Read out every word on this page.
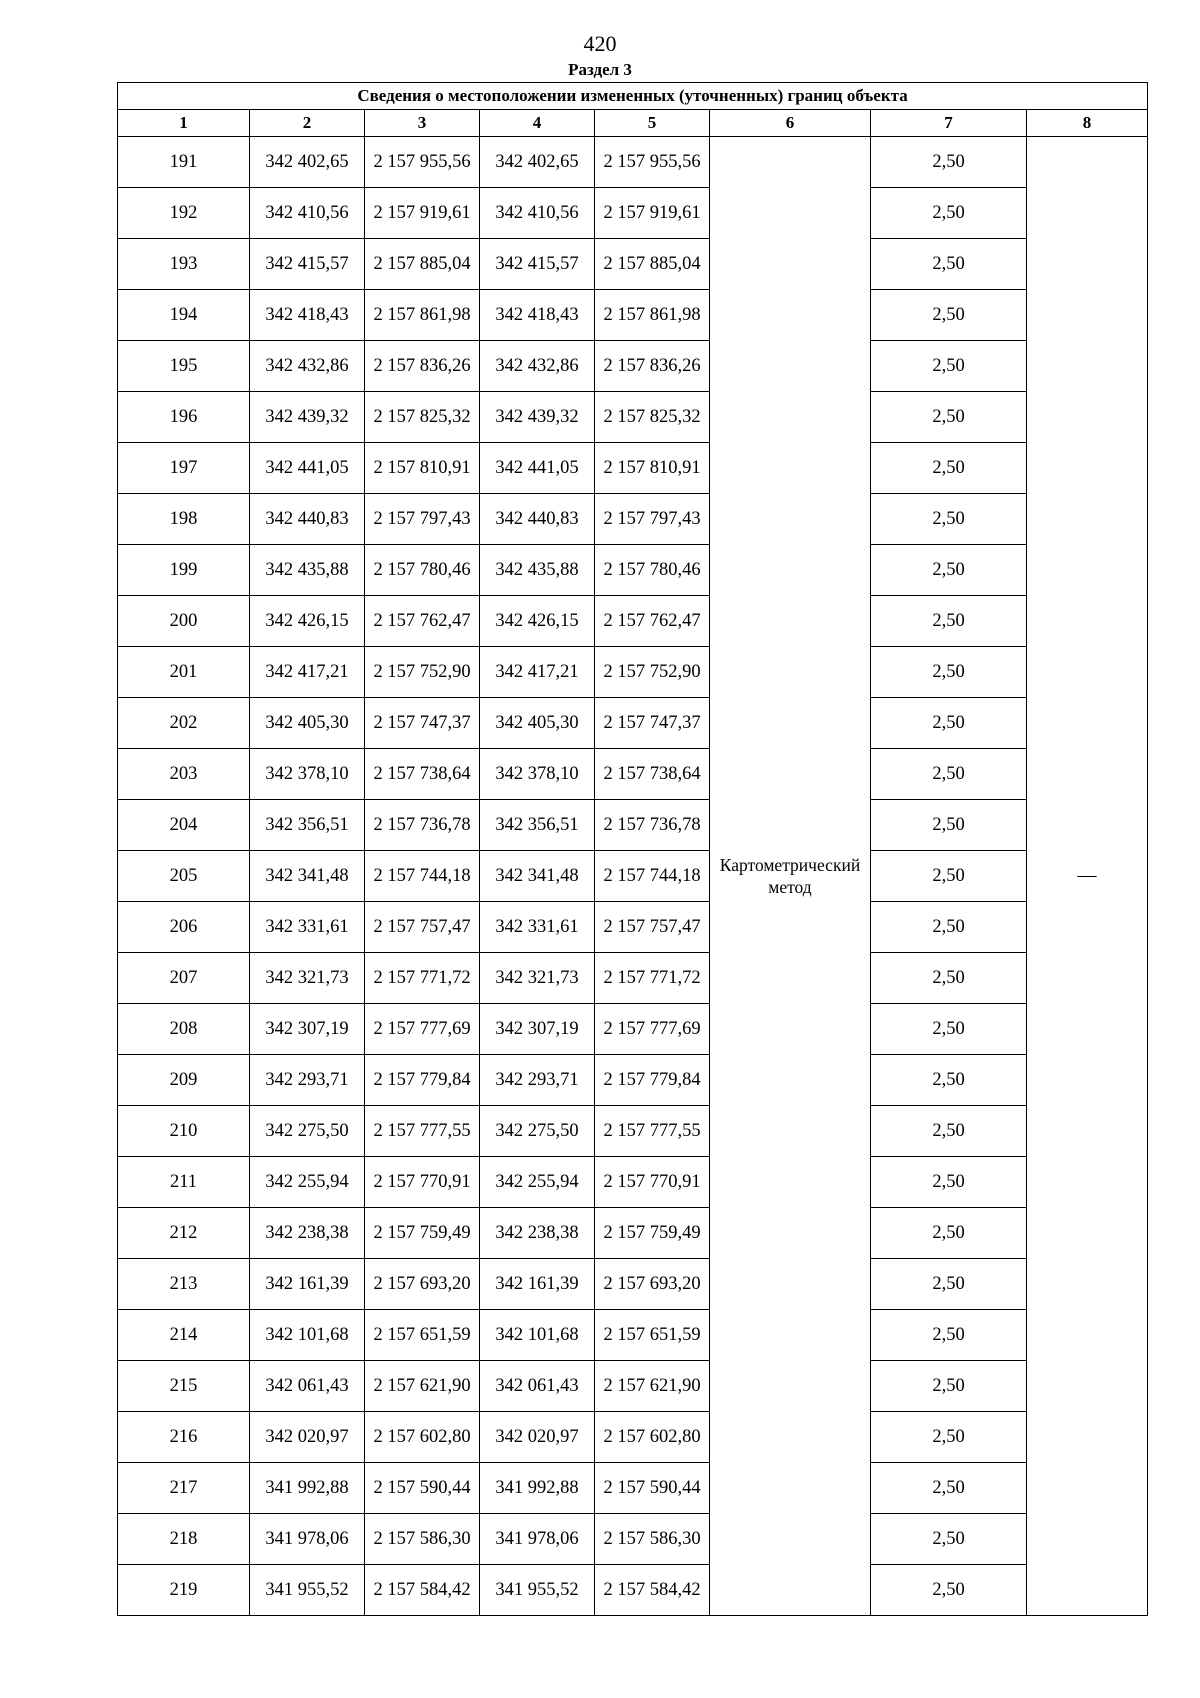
420
Раздел 3
Сведения о местоположении измененных (уточненных) границ объекта							
1	2	3	4	5	6	7	8
191	342 402,65	2 157 955,56	342 402,65	2 157 955,56	Картометрический метод	2,50	—
192	342 410,56	2 157 919,61	342 410,56	2 157 919,61		2,50	
193	342 415,57	2 157 885,04	342 415,57	2 157 885,04		2,50	
194	342 418,43	2 157 861,98	342 418,43	2 157 861,98		2,50	
195	342 432,86	2 157 836,26	342 432,86	2 157 836,26		2,50	
196	342 439,32	2 157 825,32	342 439,32	2 157 825,32		2,50	
197	342 441,05	2 157 810,91	342 441,05	2 157 810,91		2,50	
198	342 440,83	2 157 797,43	342 440,83	2 157 797,43		2,50	
199	342 435,88	2 157 780,46	342 435,88	2 157 780,46		2,50	
200	342 426,15	2 157 762,47	342 426,15	2 157 762,47		2,50	
201	342 417,21	2 157 752,90	342 417,21	2 157 752,90		2,50	
202	342 405,30	2 157 747,37	342 405,30	2 157 747,37		2,50	
203	342 378,10	2 157 738,64	342 378,10	2 157 738,64		2,50	
204	342 356,51	2 157 736,78	342 356,51	2 157 736,78		2,50	
205	342 341,48	2 157 744,18	342 341,48	2 157 744,18		2,50	
206	342 331,61	2 157 757,47	342 331,61	2 157 757,47		2,50	
207	342 321,73	2 157 771,72	342 321,73	2 157 771,72		2,50	
208	342 307,19	2 157 777,69	342 307,19	2 157 777,69		2,50	
209	342 293,71	2 157 779,84	342 293,71	2 157 779,84		2,50	
210	342 275,50	2 157 777,55	342 275,50	2 157 777,55		2,50	
211	342 255,94	2 157 770,91	342 255,94	2 157 770,91		2,50	
212	342 238,38	2 157 759,49	342 238,38	2 157 759,49		2,50	
213	342 161,39	2 157 693,20	342 161,39	2 157 693,20		2,50	
214	342 101,68	2 157 651,59	342 101,68	2 157 651,59		2,50	
215	342 061,43	2 157 621,90	342 061,43	2 157 621,90		2,50	
216	342 020,97	2 157 602,80	342 020,97	2 157 602,80		2,50	
217	341 992,88	2 157 590,44	341 992,88	2 157 590,44		2,50	
218	341 978,06	2 157 586,30	341 978,06	2 157 586,30		2,50	
219	341 955,52	2 157 584,42	341 955,52	2 157 584,42		2,50	
